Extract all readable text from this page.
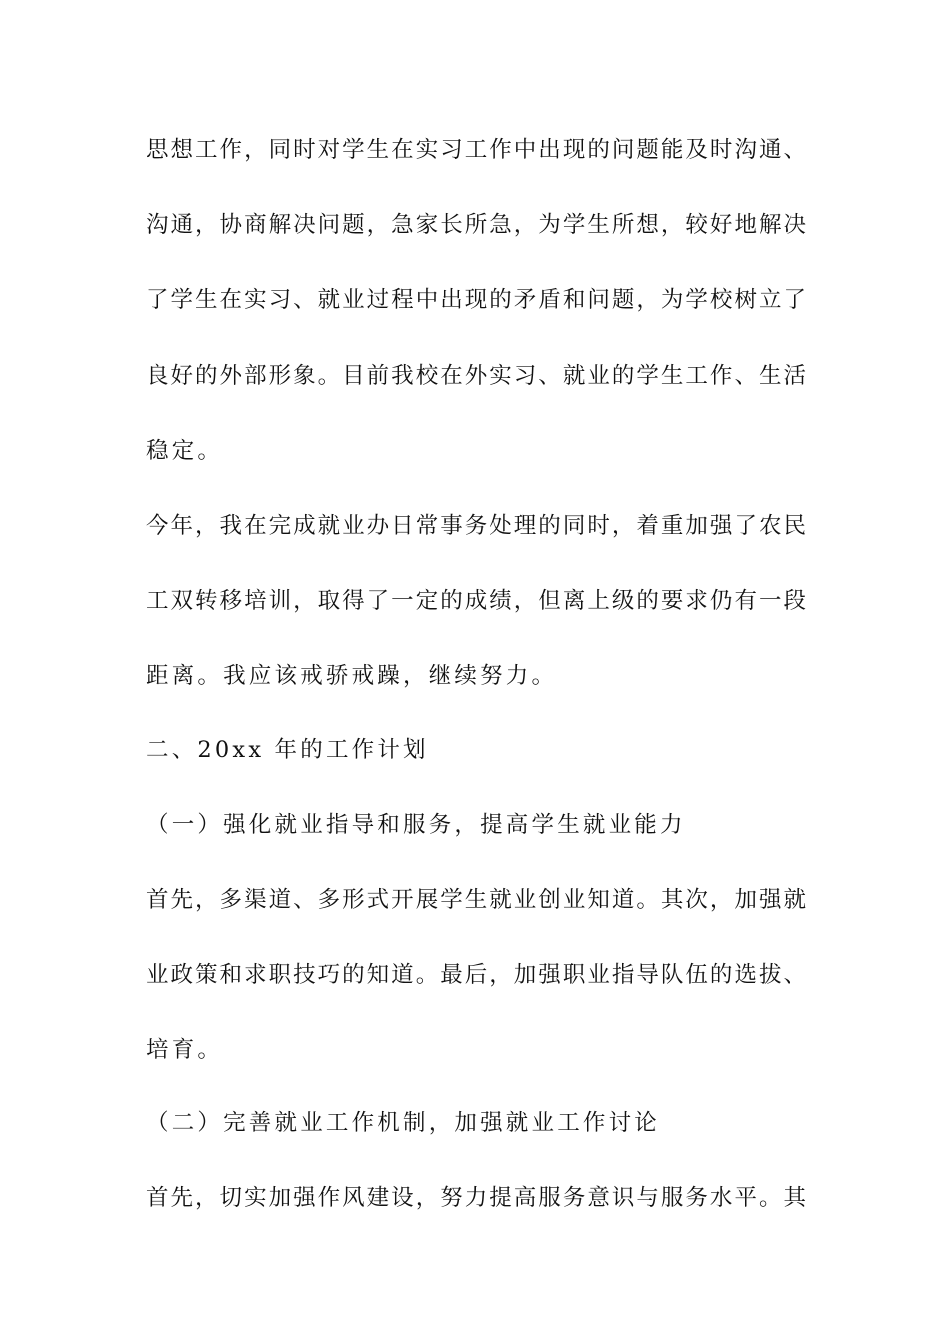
思想工作，同时对学生在实习工作中出现的问题能及时沟通、
沟通，协商解决问题，急家长所急，为学生所想，较好地解决
了学生在实习、就业过程中出现的矛盾和问题，为学校树立了
良好的外部形象。目前我校在外实习、就业的学生工作、生活
稳定。
今年，我在完成就业办日常事务处理的同时，着重加强了农民
工双转移培训，取得了一定的成绩，但离上级的要求仍有一段
距离。我应该戒骄戒躁，继续努力。
二、20xx 年的工作计划
（一）强化就业指导和服务，提高学生就业能力
首先，多渠道、多形式开展学生就业创业知道。其次，加强就
业政策和求职技巧的知道。最后，加强职业指导队伍的选拔、
培育。
（二）完善就业工作机制，加强就业工作讨论
首先，切实加强作风建设，努力提高服务意识与服务水平。其
